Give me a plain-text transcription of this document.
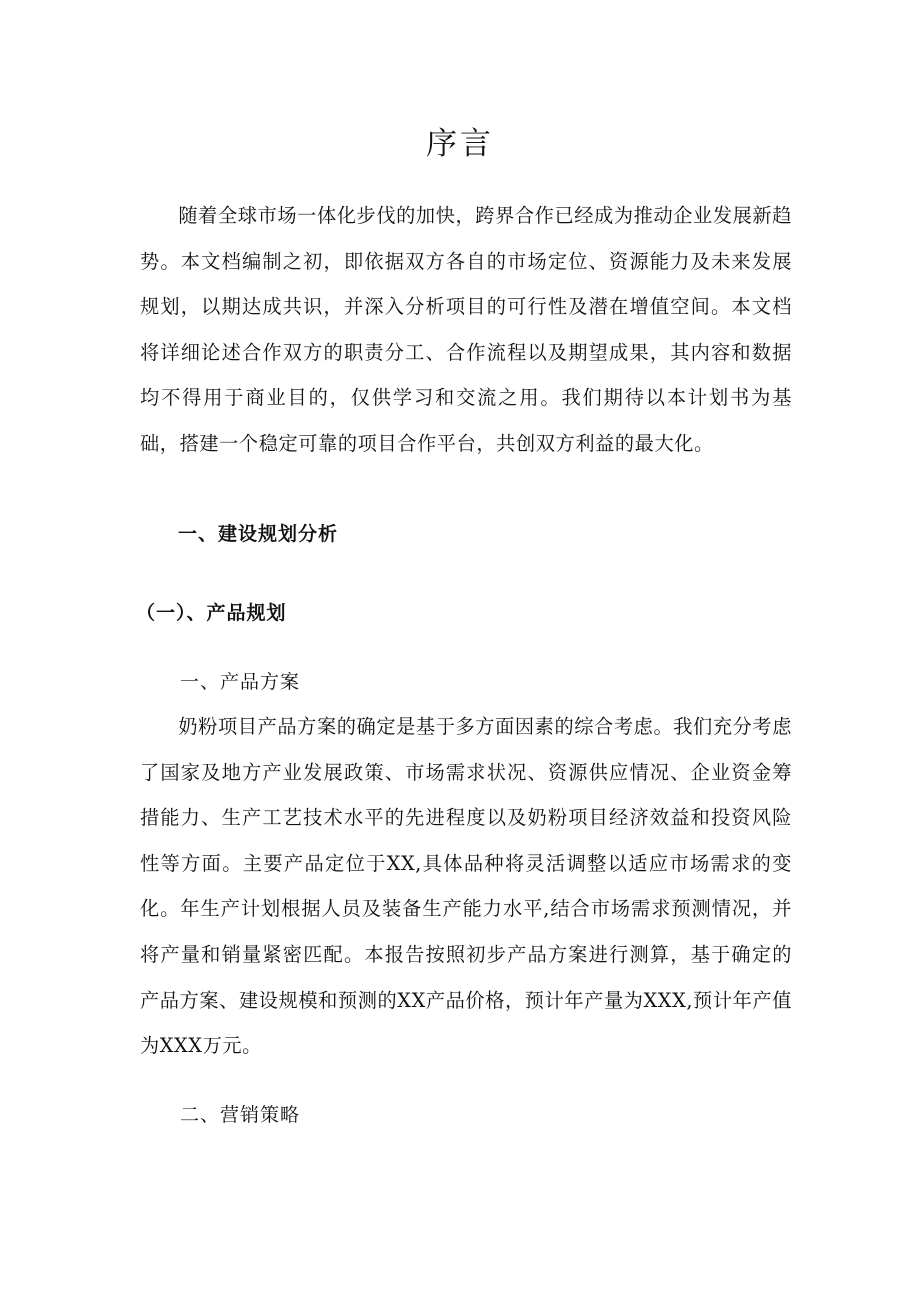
序言

随着全球市场一体化步伐的加快，跨界合作已经成为推动企业发展新趋势。本文档编制之初，即依据双方各自的市场定位、资源能力及未来发展规划，以期达成共识，并深入分析项目的可行性及潜在增值空间。本文档将详细论述合作双方的职责分工、合作流程以及期望成果，其内容和数据均不得用于商业目的，仅供学习和交流之用。我们期待以本计划书为基础，搭建一个稳定可靠的项目合作平台，共创双方利益的最大化。

一、建设规划分析
（一）、产品规划
一、产品方案

奶粉项目产品方案的确定是基于多方面因素的综合考虑。我们充分考虑了国家及地方产业发展政策、市场需求状况、资源供应情况、企业资金筹措能力、生产工艺技术水平的先进程度以及奶粉项目经济效益和投资风险性等方面。主要产品定位于XX,具体品种将灵活调整以适应市场需求的变化。年生产计划根据人员及装备生产能力水平,结合市场需求预测情况，并将产量和销量紧密匹配。本报告按照初步产品方案进行测算，基于确定的产品方案、建设规模和预测的XX产品价格，预计年产量为XXX,预计年产值为XXX万元。

二、营销策略
